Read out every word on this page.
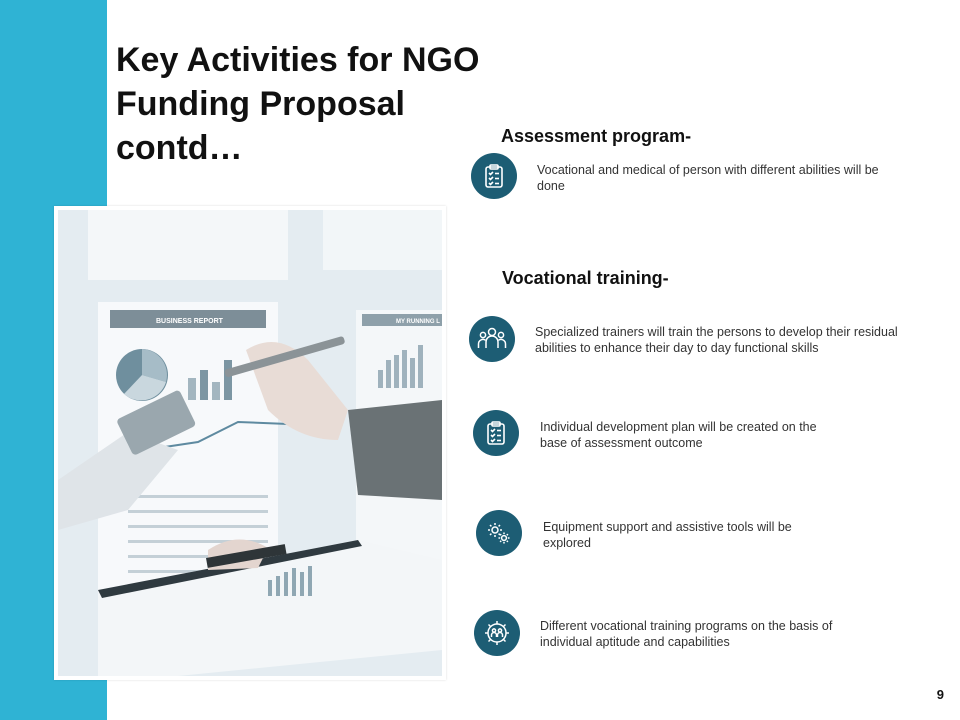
Key Activities for NGO Funding Proposal contd…
BUSINESS REPORT	MY RUNNING L
Assessment program-
Vocational training-
Vocational and medical of person with different abilities will be done
Specialized trainers will train the persons to develop their residual abilities to enhance their day to day functional skills
Individual development plan will be created on the base of assessment outcome
Equipment support and assistive tools will be explored
Different vocational training programs on the basis of individual aptitude and capabilities
9
